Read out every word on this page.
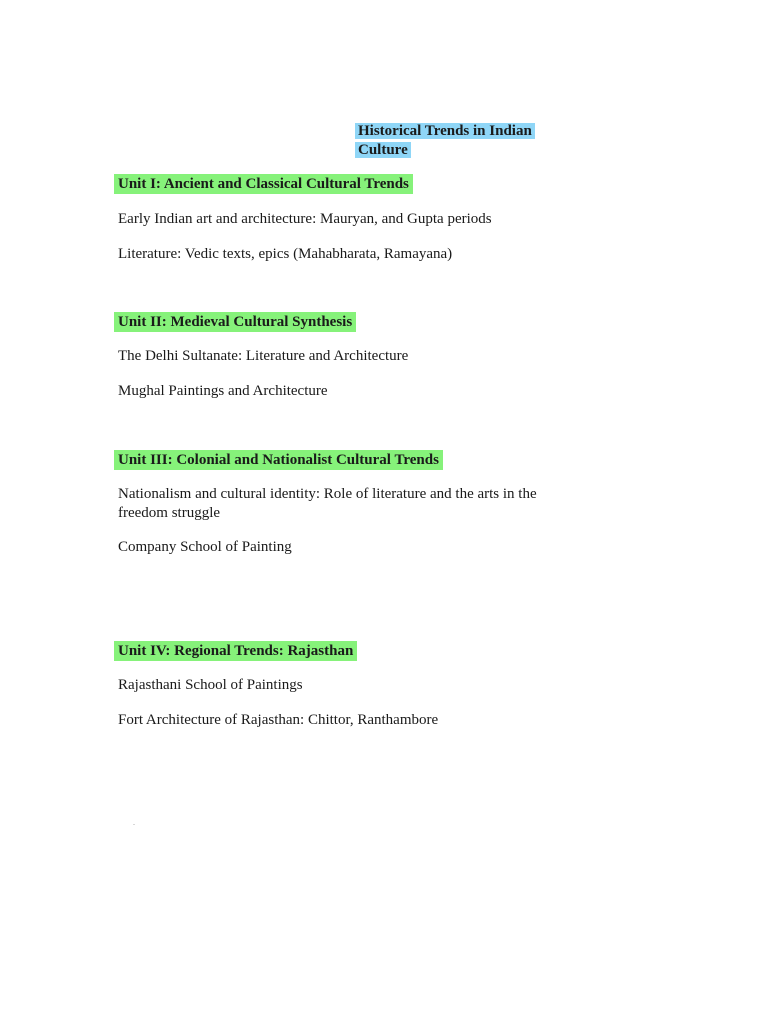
Historical Trends in Indian Culture
Unit I: Ancient and Classical Cultural Trends
Early Indian art and architecture: Mauryan, and Gupta periods
Literature: Vedic texts, epics (Mahabharata, Ramayana)
Unit II: Medieval Cultural Synthesis
The Delhi Sultanate: Literature and Architecture
Mughal Paintings and Architecture
Unit III: Colonial and Nationalist Cultural Trends
Nationalism and cultural identity: Role of literature and the arts in the freedom struggle
Company School of Painting
Unit IV: Regional Trends: Rajasthan
Rajasthani School of Paintings
Fort Architecture of Rajasthan: Chittor, Ranthambore
.
